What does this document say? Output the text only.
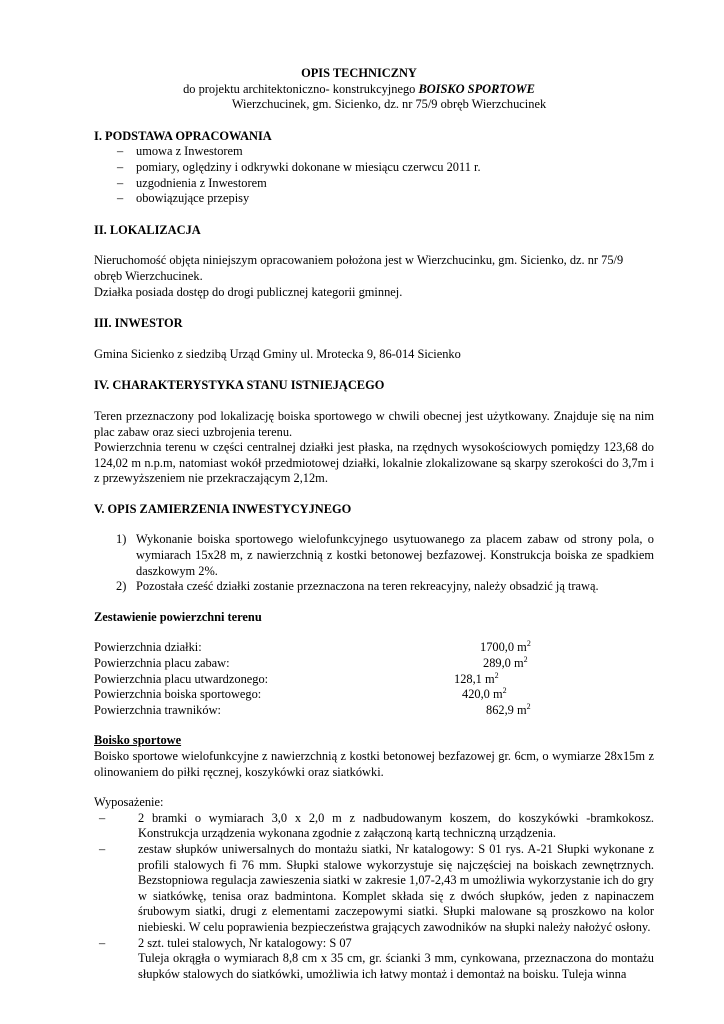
OPIS TECHNICZNY
do projektu architektoniczno- konstrukcyjnego BOISKO SPORTOWE
Wierzchucinek, gm. Sicienko, dz. nr 75/9 obręb Wierzchucinek
I. PODSTAWA OPRACOWANIA
– umowa z Inwestorem
– pomiary, oględziny i odkrywki dokonane w miesiącu czerwcu 2011 r.
– uzgodnienia z Inwestorem
– obowiązujące przepisy
II. LOKALIZACJA

Nieruchomość objęta niniejszym opracowaniem położona jest w Wierzchucinku, gm. Sicienko, dz. nr 75/9 obręb Wierzchucinek.

Działka posiada dostęp do drogi publicznej kategorii gminnej.

III. INWESTOR

Gmina Sicienko z siedzibą Urząd Gminy ul. Mrotecka 9, 86-014 Sicienko

IV. CHARAKTERYSTYKA STANU ISTNIEJĄCEGO

Teren przeznaczony pod lokalizację boiska sportowego w chwili obecnej jest użytkowany. Znajduje się na nim plac zabaw oraz sieci uzbrojenia terenu.

Powierzchnia terenu w części centralnej działki jest płaska, na rzędnych wysokościowych pomiędzy 123,68 do 124,02 m n.p.m, natomiast wokół przedmiotowej działki, lokalnie zlokalizowane są skarpy szerokości do 3,7m i z przewyższeniem nie przekraczającym 2,12m.

V. OPIS ZAMIERZENIA INWESTYCYJNEGO
1) Wykonanie boiska sportowego wielofunkcyjnego usytuowanego za placem zabaw od strony pola, o wymiarach 15x28 m, z nawierzchnią z kostki betonowej bezfazowej. Konstrukcja boiska ze spadkiem daszkowym 2%.
2) Pozostała cześć działki zostanie przeznaczona na teren rekreacyjny, należy obsadzić ją trawą.

Zestawienie powierzchni terenu

Powierzchnia działki:	1700,0 $m^2$
Powierzchnia placu zabaw:	289,0 $m^2$
Powierzchnia placu utwardzonego:	128,1 $m^2$
Powierzchnia boiska sportowego:	420,0 $m^2$
Powierzchnia trawników:	862,9 $m^2$

Boisko sportowe

Boisko sportowe wielofunkcyjne z nawierzchnią z kostki betonowej bezfazowej gr. 6cm, o wymiarze 28x15m z olinowaniem do piłki ręcznej, koszykówki oraz siatkówki.

Wyposażenie:

– 2 bramki o wymiarach 3,0 x 2,0 m z nadbudowanym koszem, do koszykówki -bramkokosz. Konstrukcja urządzenia wykonana zgodnie z załączoną kartą techniczną urządzenia.
– zestaw słupków uniwersalnych do montażu siatki, Nr katalogowy: S 01 rys. A-21 Słupki wykonane z profili stalowych fi 76 mm. Słupki stalowe wykorzystuje się najczęściej na boiskach zewnętrznych. Bezstopniowa regulacja zawieszenia siatki w zakresie 1,07-2,43 m umożliwia wykorzystanie ich do gry w siatkówkę, tenisa oraz badmintona. Komplet składa się z dwóch słupków, jeden z napinaczem śrubowym siatki, drugi z elementami zaczepowymi siatki. Słupki malowane są proszkowo na kolor niebieski. W celu poprawienia bezpieczeństwa grających zawodników na słupki należy nałożyć osłony.
– 2 szt. tulei stalowych, Nr katalogowy: S 07
Tuleja okrągła o wymiarach 8,8 cm x 35 cm, gr. ścianki 3 mm, cynkowana, przeznaczona do montażu słupków stalowych do siatkówki, umożliwia ich łatwy montaż i demontaż na boisku. Tuleja winna
